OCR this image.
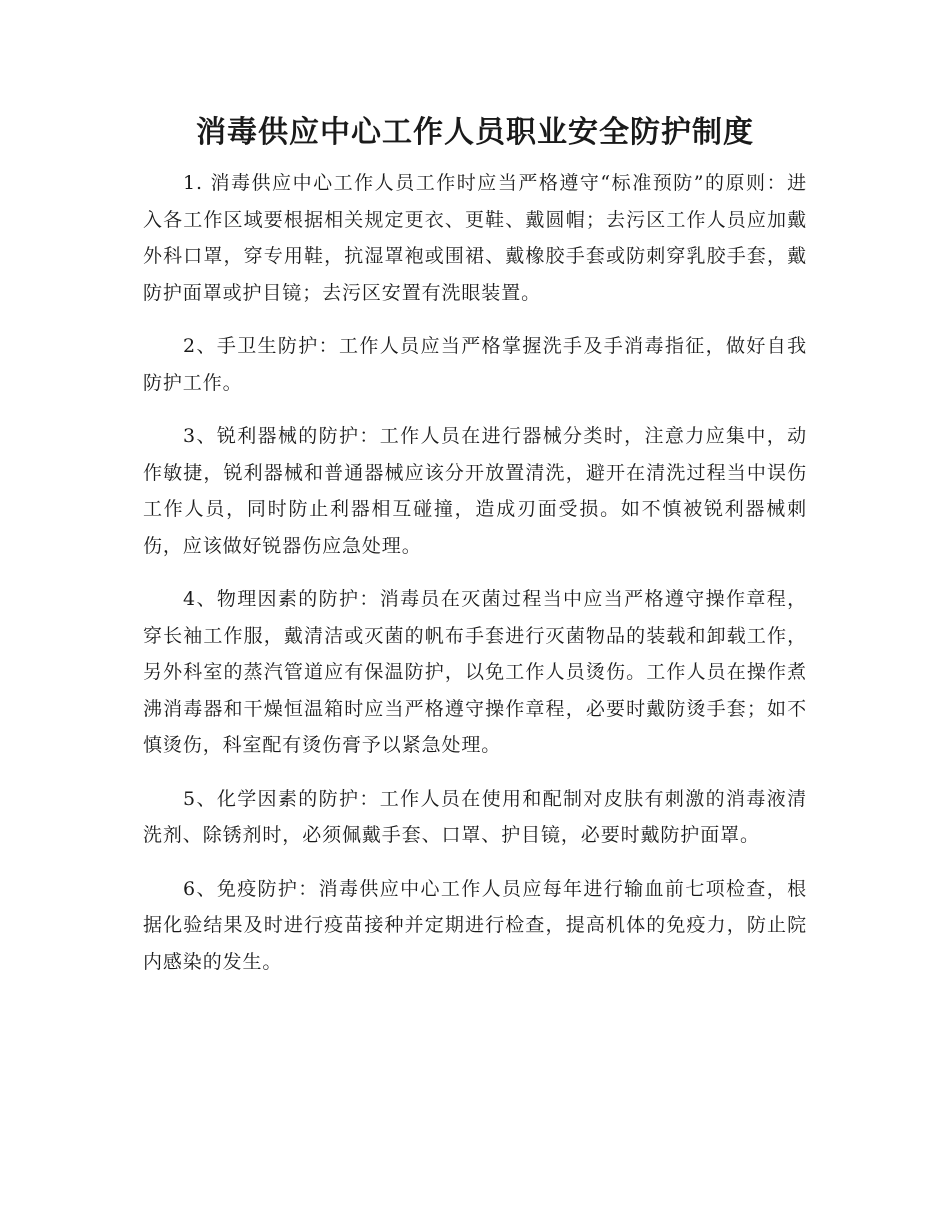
消毒供应中心工作人员职业安全防护制度

1. 消毒供应中心工作人员工作时应当严格遵守“标准预防”的原则：进入各工作区域要根据相关规定更衣、更鞋、戴圆帽；去污区工作人员应加戴外科口罩，穿专用鞋，抗湿罩袍或围裙、戴橡胶手套或防刺穿乳胶手套，戴防护面罩或护目镜；去污区安置有洗眼装置。

2、手卫生防护：工作人员应当严格掌握洗手及手消毒指征，做好自我防护工作。

3、锐利器械的防护：工作人员在进行器械分类时，注意力应集中，动作敏捷，锐利器械和普通器械应该分开放置清洗，避开在清洗过程当中误伤工作人员，同时防止利器相互碰撞，造成刃面受损。如不慎被锐利器械刺伤，应该做好锐器伤应急处理。

4、物理因素的防护：消毒员在灭菌过程当中应当严格遵守操作章程，穿长袖工作服，戴清洁或灭菌的帆布手套进行灭菌物品的装载和卸载工作，另外科室的蒸汽管道应有保温防护，以免工作人员烫伤。工作人员在操作煮沸消毒器和干燥恒温箱时应当严格遵守操作章程，必要时戴防烫手套；如不慎烫伤，科室配有烫伤膏予以紧急处理。

5、化学因素的防护：工作人员在使用和配制对皮肤有刺激的消毒液清洗剂、除锈剂时，必须佩戴手套、口罩、护目镜，必要时戴防护面罩。

6、免疫防护：消毒供应中心工作人员应每年进行输血前七项检查，根据化验结果及时进行疫苗接种并定期进行检查，提高机体的免疫力，防止院内感染的发生。
